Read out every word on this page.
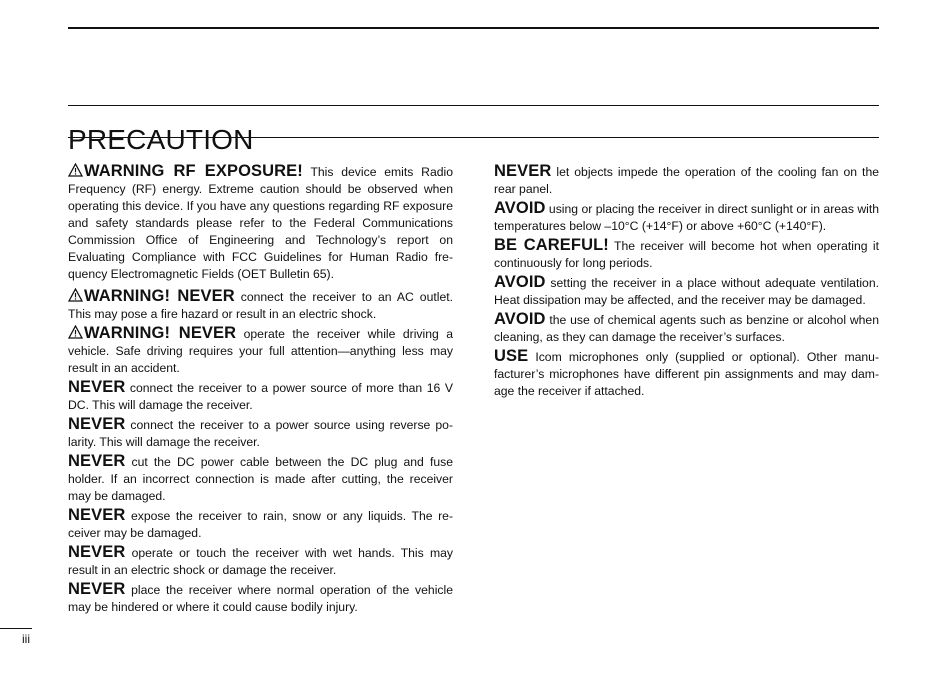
PRECAUTION

WARNING RF EXPOSURE! This device emits Radio Frequency (RF) energy. Extreme caution should be observed when operating this device. If you have any questions regarding RF exposure and safety standards please refer to the Federal Communications Commission Office of Engineering and Technology’s report on Evaluating Compliance with FCC Guidelines for Human Radio frequency Electromagnetic Fields (OET Bulletin 65).

WARNING! NEVER connect the receiver to an AC outlet. This may pose a fire hazard or result in an electric shock.

WARNING! NEVER operate the receiver while driving a vehicle. Safe driving requires your full attention—anything less may result in an accident.

NEVER connect the receiver to a power source of more than 16 V DC. This will damage the receiver.

NEVER connect the receiver to a power source using reverse polarity. This will damage the receiver.

NEVER cut the DC power cable between the DC plug and fuse holder. If an incorrect connection is made after cutting, the receiver may be damaged.

NEVER expose the receiver to rain, snow or any liquids. The receiver may be damaged.

NEVER operate or touch the receiver with wet hands. This may result in an electric shock or damage the receiver.

NEVER place the receiver where normal operation of the vehicle may be hindered or where it could cause bodily injury.

NEVER let objects impede the operation of the cooling fan on the rear panel.

AVOID using or placing the receiver in direct sunlight or in areas with temperatures below –10°C (+14°F) or above +60°C (+140°F).

BE CAREFUL! The receiver will become hot when operating it continuously for long periods.

AVOID setting the receiver in a place without adequate ventilation. Heat dissipation may be affected, and the receiver may be damaged.

AVOID the use of chemical agents such as benzine or alcohol when cleaning, as they can damage the receiver’s surfaces.

USE Icom microphones only (supplied or optional). Other manufacturer’s microphones have different pin assignments and may damage the receiver if attached.

iii
